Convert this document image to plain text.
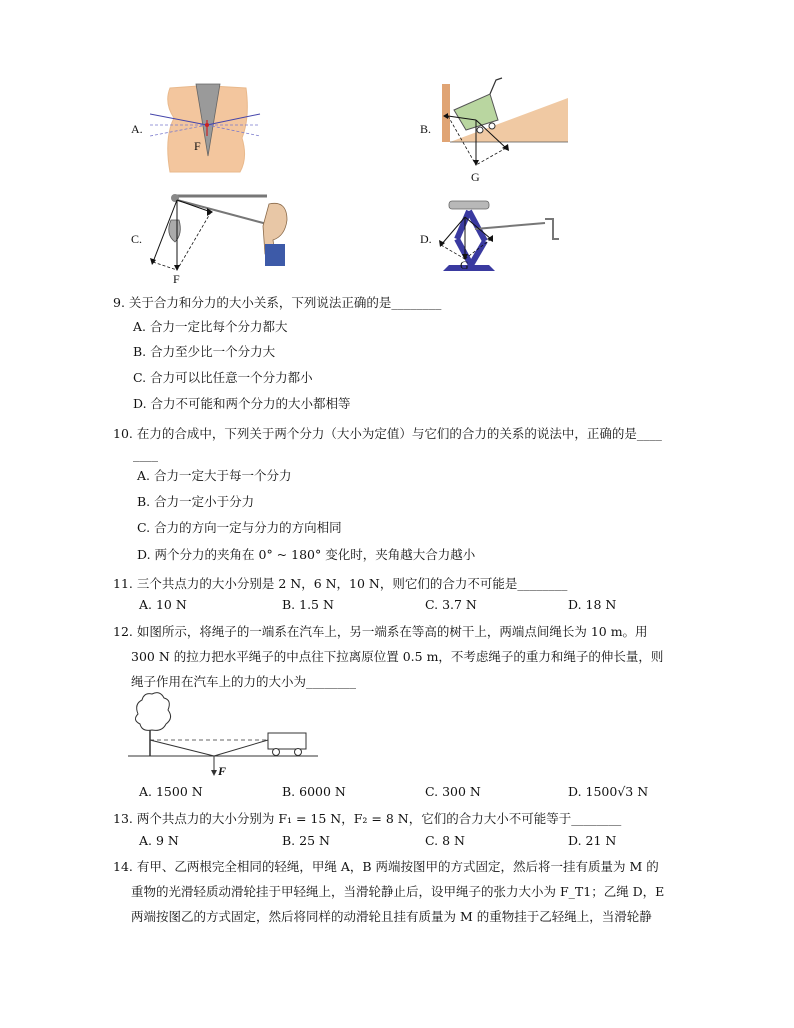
A.
F
B.
G
C.
F
D.
G
9. 关于合力和分力的大小关系，下列说法正确的是________
A. 合力一定比每个分力都大
B. 合力至少比一个分力大
C. 合力可以比任意一个分力都小
D. 合力不可能和两个分力的大小都相等
10. 在力的合成中，下列关于两个分力（大小为定值）与它们的合力的关系的说法中，正确的是____
____
A. 合力一定大于每一个分力
B. 合力一定小于分力
C. 合力的方向一定与分力的方向相同
D. 两个分力的夹角在 0° ~ 180° 变化时，夹角越大合力越小
11. 三个共点力的大小分别是 2 N，6 N，10 N，则它们的合力不可能是________
A. 10 N	B. 1.5 N	C. 3.7 N	D. 18 N
12. 如图所示，将绳子的一端系在汽车上，另一端系在等高的树干上，两端点间绳长为 10 m。用
300 N 的拉力把水平绳子的中点往下拉离原位置 0.5 m，不考虑绳子的重力和绳子的伸长量，则
绳子作用在汽车上的力的大小为________
F
A. 1500 N	B. 6000 N	C. 300 N	D. 1500√3 N
13. 两个共点力的大小分别为 F₁ = 15 N，F₂ = 8 N，它们的合力大小不可能等于________
A. 9 N	B. 25 N	C. 8 N	D. 21 N
14. 有甲、乙两根完全相同的轻绳，甲绳 A，B 两端按图甲的方式固定，然后将一挂有质量为 M 的
重物的光滑轻质动滑轮挂于甲轻绳上，当滑轮静止后，设甲绳子的张力大小为 F_T1；乙绳 D，E
两端按图乙的方式固定，然后将同样的动滑轮且挂有质量为 M 的重物挂于乙轻绳上，当滑轮静
